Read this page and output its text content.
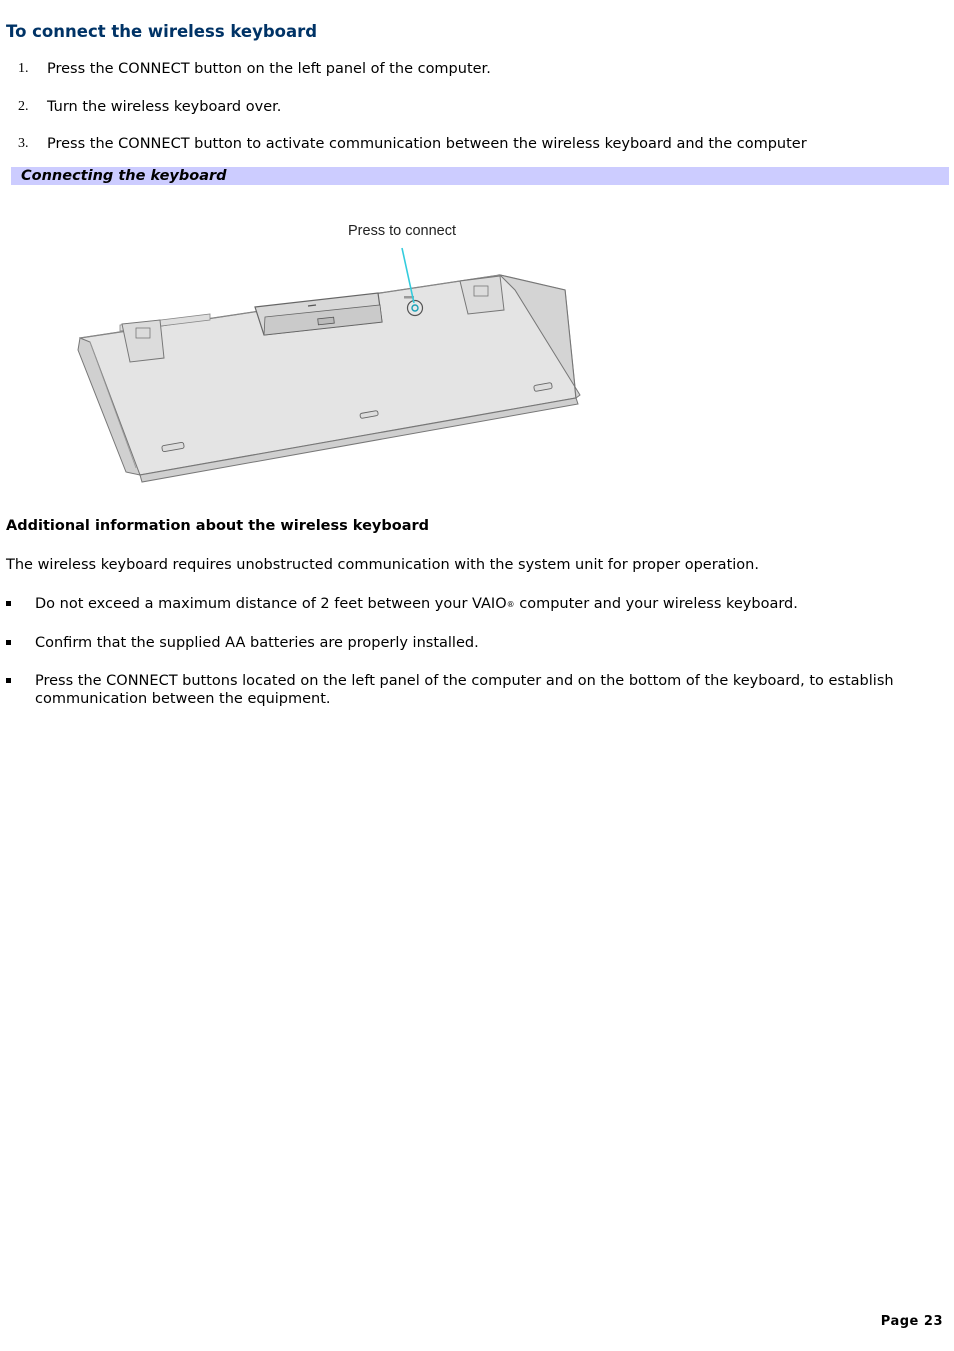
To connect the wireless keyboard
1. Press the CONNECT button on the left panel of the computer.
2. Turn the wireless keyboard over.
3. Press the CONNECT button to activate communication between the wireless keyboard and the computer
Connecting the keyboard
Press to connect
Additional information about the wireless keyboard

The wireless keyboard requires unobstructed communication with the system unit for proper operation.

Do not exceed a maximum distance of 2 feet between your VAIO® computer and your wireless keyboard.
Confirm that the supplied AA batteries are properly installed.
Press the CONNECT buttons located on the left panel of the computer and on the bottom of the keyboard, to establish communication between the equipment.
Page 23
